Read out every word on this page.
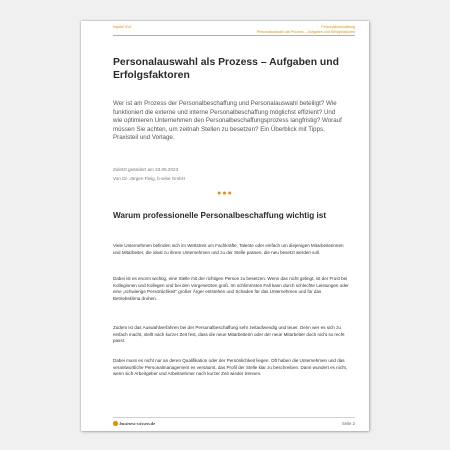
Kapitel 014	Personalbeschaffung
Personalauswahl als Prozess – Aufgaben und Erfolgsfaktoren
Personalauswahl als Prozess – Aufgaben und Erfolgsfaktoren

Wer ist am Prozess der Personalbeschaffung und Personalauswahl beteiligt? Wie funktioniert die externe und interne Personalbeschaffung möglichst effizient? Und wie optimieren Unternehmen den Personalbeschaffungsprozess langfristig? Worauf müssen Sie achten, um zeitnah Stellen zu besetzen? Ein Überblick mit Tipps, Praxisteil und Vorlage.

Zuletzt geändert am 23.06.2023
Von Dr. Jürgen Fleig, b-wise GmbH
●●●
Warum professionelle Personalbeschaffung wichtig ist

Viele Unternehmen befinden sich im Wettstreit um Fachkräfte, Talente oder einfach um diejenigen Mitarbeiterinnen und Mitarbeiter, die ideal zu ihrem Unternehmen und zu der Stelle passen, die neu besetzt werden soll.

Dabei ist es enorm wichtig, eine Stelle mit der richtigen Person zu besetzen. Wenn das nicht gelingt, ist der Frust bei Kolleginnen und Kollegen und bei den Vorgesetzten groß. Im schlimmsten Fall kann durch schlechte Leistungen oder eine „schwierige Persönlichkeit“ großer Ärger entstehen und Schaden für das Unternehmen und für das Betriebsklima drohen.

Zudem ist das Auswahlverfahren bei der Personalbeschaffung sehr zeitaufwendig und teuer. Denn wer es sich zu einfach macht, stellt nach kurzer Zeit fest, dass die neue Mitarbeiterin oder der neue Mitarbeiter doch nicht so recht passt.

Dabei muss es nicht nur an deren Qualifikation oder der Persönlichkeit liegen. Oft haben die Unternehmen und das verantwortliche Personalmanagement es versäumt, das Profil der Stelle klar zu beschreiben. Dann wundert es nicht, wenn sich Arbeitgeber und Arbeitnehmer nach kurzer Zeit wieder trennen.

business-wissen.de	Seite 2
